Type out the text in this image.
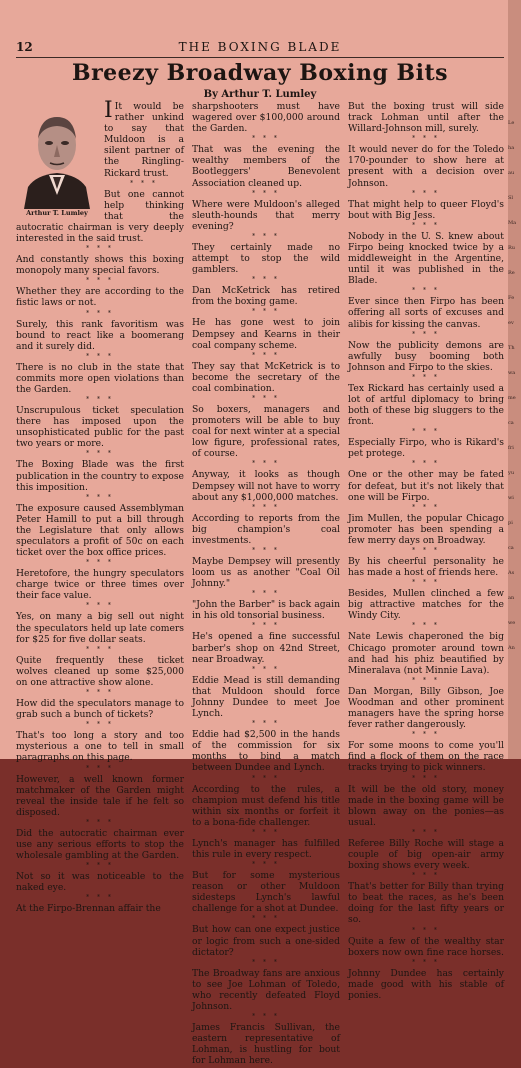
12	THE BOXING BLADE
Breezy Broadway Boxing Bits
By Arthur T. Lumley
Arthur T. Lumley

I It would be rather unkind to say that Muldoon is a silent partner of the Ringling-Rickard trust.

* * *

But one cannot help thinking that the autocratic chairman is very deeply interested in the said trust.

* * *

And constantly shows this boxing monopoly many special favors.

* * *

Whether they are according to the fistic laws or not.

* * *

Surely, this rank favoritism was bound to react like a boomerang and it surely did.

* * *

There is no club in the state that commits more open violations than the Garden.

* * *

Unscrupulous ticket speculation there has imposed upon the unsophisticated public for the past two years or more.

* * *

The Boxing Blade was the first publication in the country to expose this imposition.

* * *

The exposure caused Assemblyman Peter Hamill to put a bill through the Legislature that only allows speculators a profit of 50c on each ticket over the box office prices.

* * *

Heretofore, the hungry speculators charge twice or three times over their face value.

* * *

Yes, on many a big sell out night the speculators held up late comers for $25 for five dollar seats.

* * *

Quite frequently these ticket wolves cleaned up some $25,000 on one attractive show alone.

* * *

How did the speculators manage to grab such a bunch of tickets?

* * *

That's too long a story and too mysterious a one to tell in small paragraphs on this page.

* * *

However, a well known former matchmaker of the Garden might reveal the inside tale if he felt so disposed.

* * *

Did the autocratic chairman ever use any serious efforts to stop the wholesale gambling at the Garden.

* * *

Not so it was noticeable to the naked eye.

* * *

At the Firpo-Brennan affair the

sharpshooters must have wagered over $100,000 around the Garden.

* * *

That was the evening the wealthy members of the Bootleggers' Benevolent Association cleaned up.

* * *

Where were Muldoon's alleged sleuth-hounds that merry evening?

* * *

They certainly made no attempt to stop the wild gamblers.

* * *

Dan McKetrick has retired from the boxing game.

* * *

He has gone west to join Dempsey and Kearns in their coal company scheme.

* * *

They say that McKetrick is to become the secretary of the coal combination.

* * *

So boxers, managers and promoters will be able to buy coal for next winter at a special low figure, professional rates, of course.

* * *

Anyway, it looks as though Dempsey will not have to worry about any $1,000,000 matches.

* * *

According to reports from the big champion's coal investments.

* * *

Maybe Dempsey will presently loom us as another "Coal Oil Johnny."

* * *

"John the Barber" is back again in his old tonsorial business.

* * *

He's opened a fine successful barber's shop on 42nd Street, near Broadway.

* * *

Eddie Mead is still demanding that Muldoon should force Johnny Dundee to meet Joe Lynch.

* * *

Eddie had $2,500 in the hands of the commission for six months to bind a match between Dundee and Lynch.

* * *

According to the rules, a champion must defend his title within six months or forfeit it to a bona-fide challenger.

* * *

Lynch's manager has fulfilled this rule in every respect.

* * *

But for some mysterious reason or other Muldoon sidesteps Lynch's lawful challenge for a shot at Dundee.

* * *

But how can one expect justice or logic from such a one-sided dictator?

* * *

The Broadway fans are anxious to see Joe Lohman of Toledo, who recently defeated Floyd Johnson.

* * *

James Francis Sullivan, the eastern representative of Lohman, is hustling for bout for Lohman here.

But the boxing trust will side track Lohman until after the Willard-Johnson mill, surely.

* * *

It would never do for the Toledo 170-pounder to show here at present with a decision over Johnson.

* * *

That might help to queer Floyd's bout with Big Jess.

* * *

Nobody in the U. S. knew about Firpo being knocked twice by a middleweight in the Argentine, until it was published in the Blade.

* * *

Ever since then Firpo has been offering all sorts of excuses and alibis for kissing the canvas.

* * *

Now the publicity demons are awfully busy booming both Johnson and Firpo to the skies.

* * *

Tex Rickard has certainly used a lot of artful diplomacy to bring both of these big sluggers to the front.

* * *

Especially Firpo, who is Rikard's pet protege.

* * *

One or the other may be fated for defeat, but it's not likely that one will be Firpo.

* * *

Jim Mullen, the popular Chicago promoter has been spending a few merry days on Broadway.

* * *

By his cheerful personality he has made a host of friends here.

* * *

Besides, Mullen clinched a few big attractive matches for the Windy City.

* * *

Nate Lewis chaperoned the big Chicago promoter around town and had his phiz beautified by Mineralava (not Minnie Lava).

* * *

Dan Morgan, Billy Gibson, Joe Woodman and other prominent managers have the spring horse fever rather dangerously.

* * *

For some moons to come you'll find a flock of them on the race tracks trying to pick winners.

* * *

It will be the old story, money made in the boxing game will be blown away on the ponies—as usual.

* * *

Referee Billy Roche will stage a couple of big open-air army boxing shows every week.

* * *

That's better for Billy than trying to beat the races, as he's been doing for the last fifty years or so.

* * *

Quite a few of the wealthy star boxers now own fine race horses.

* * *

Johnny Dundee has certainly made good with his stable of ponies.

Le
ha
au
Sl
Ma
Ru
Re
Fe
ev
Th
wa
me
ca
fri
yu
wi
pi
ca
As
an
we
An
